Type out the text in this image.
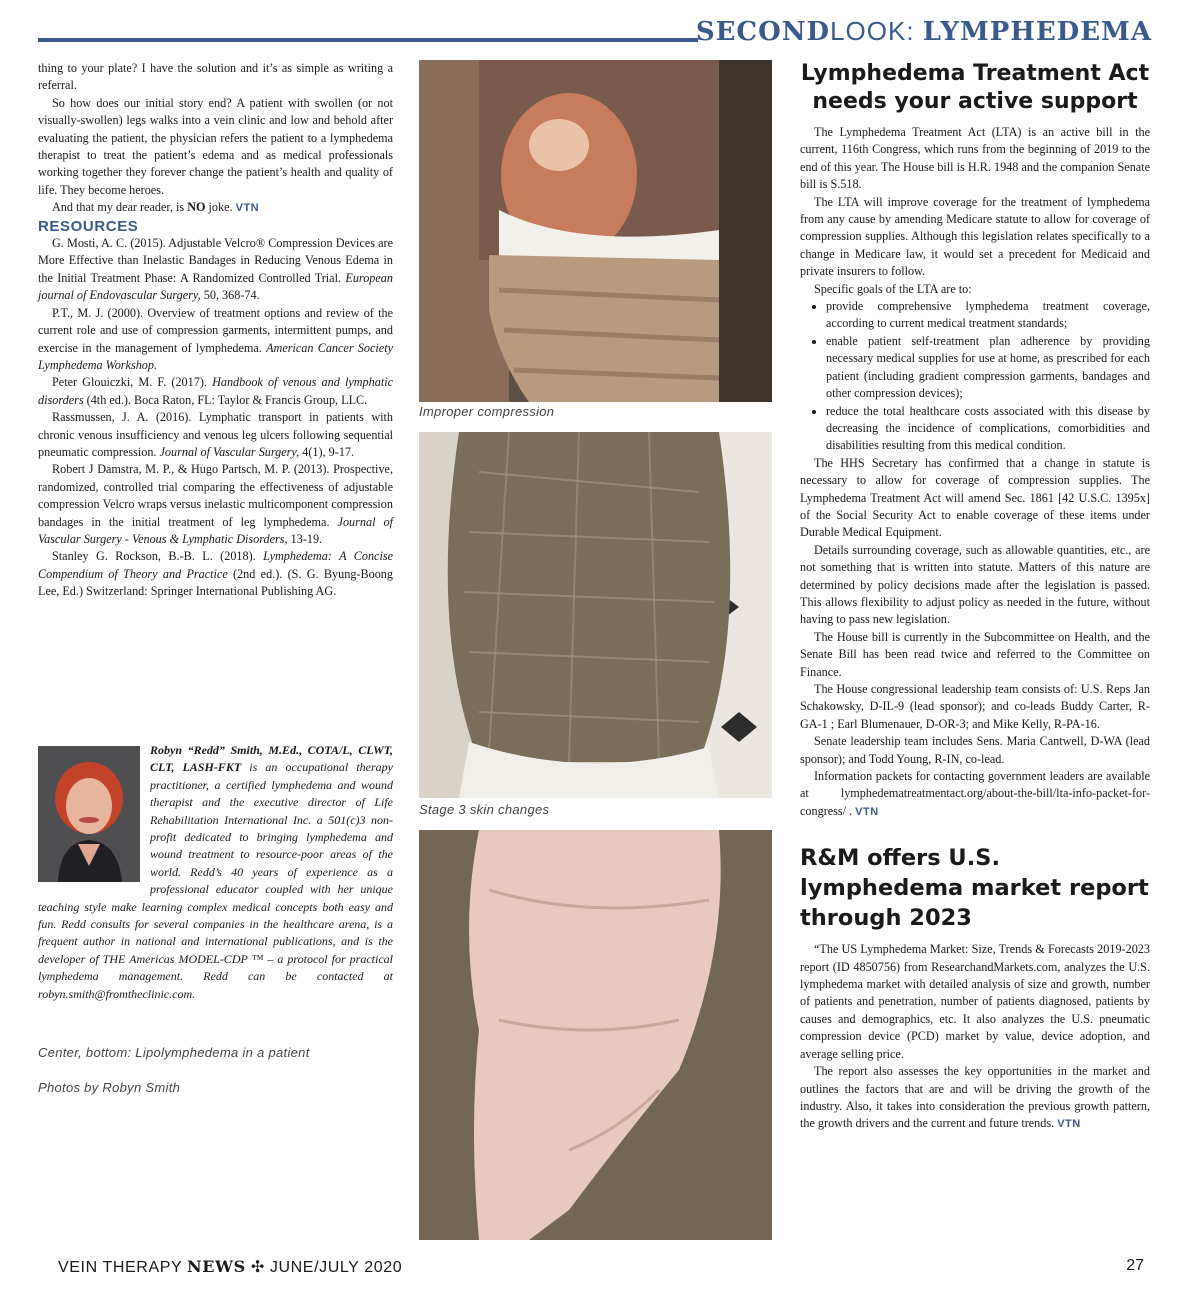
SECONDLOOK: LYMPHEDEMA

thing to your plate? I have the solution and it’s as simple as writing a referral.

So how does our initial story end? A patient with swollen (or not visually-swollen) legs walks into a vein clinic and low and behold after evaluating the patient, the physician refers the patient to a lymphedema therapist to treat the patient’s edema and as medical professionals working together they forever change the patient’s health and quality of life. They become heroes.

And that my dear reader, is NO joke. VTN

RESOURCES

G. Mosti, A. C. (2015). Adjustable Velcro® Compression Devices are More Effective than Inelastic Bandages in Reducing Venous Edema in the Initial Treatment Phase: A Randomized Controlled Trial. European journal of Endovascular Surgery, 50, 368-74.

P.T., M. J. (2000). Overview of treatment options and review of the current role and use of compression garments, intermittent pumps, and exercise in the management of lymphedema. American Cancer Society Lymphedema Workshop.

Peter Glouiczki, M. F. (2017). Handbook of venous and lymphatic disorders (4th ed.). Boca Raton, FL: Taylor & Francis Group, LLC.

Rassmussen, J. A. (2016). Lymphatic transport in patients with chronic venous insufficiency and venous leg ulcers following sequential pneumatic compression. Journal of Vascular Surgery, 4(1), 9-17.

Robert J Damstra, M. P., & Hugo Partsch, M. P. (2013). Prospective, randomized, controlled trial comparing the effectiveness of adjustable compression Velcro wraps versus inelastic multicomponent compression bandages in the initial treatment of leg lymphedema. Journal of Vascular Surgery - Venous & Lymphatic Disorders, 13-19.

Stanley G. Rockson, B.-B. L. (2018). Lymphedema: A Concise Compendium of Theory and Practice (2nd ed.). (S. G. Byung-Boong Lee, Ed.) Switzerland: Springer International Publishing AG.

Robyn “Redd” Smith, M.Ed., COTA/L, CLWT, CLT, LASH-FKT is an occupational therapy practitioner, a certified lymphedema and wound therapist and the executive director of Life Rehabilitation International Inc. a 501(c)3 non-profit dedicated to bringing lymphedema and wound treatment to resource-poor areas of the world. Redd’s 40 years of experience as a professional educator coupled with her unique teaching style make learning complex medical concepts both easy and fun. Redd consults for several companies in the healthcare arena, is a frequent author in national and international publications, and is the developer of THE Americas MODEL-CDP ™ – a protocol for practical lymphedema management. Redd can be contacted at robyn.smith@fromtheclinic.com.
Center, bottom: Lipolymphedema in a patient
Photos by Robyn Smith
Improper compression
Stage 3 skin changes
Lymphedema Treatment Act needs your active support

The Lymphedema Treatment Act (LTA) is an active bill in the current, 116th Congress, which runs from the beginning of 2019 to the end of this year. The House bill is H.R. 1948 and the companion Senate bill is S.518.

The LTA will improve coverage for the treatment of lymphedema from any cause by amending Medicare statute to allow for coverage of compression supplies. Although this legislation relates specifically to a change in Medicare law, it would set a precedent for Medicaid and private insurers to follow.

Specific goals of the LTA are to:

• provide comprehensive lymphedema treatment coverage, according to current medical treatment standards;
• enable patient self-treatment plan adherence by providing necessary medical supplies for use at home, as prescribed for each patient (including gradient compression garments, bandages and other compression devices);
• reduce the total healthcare costs associated with this disease by decreasing the incidence of complications, comorbidities and disabilities resulting from this medical condition.

The HHS Secretary has confirmed that a change in statute is necessary to allow for coverage of compression supplies. The Lymphedema Treatment Act will amend Sec. 1861 [42 U.S.C. 1395x] of the Social Security Act to enable coverage of these items under Durable Medical Equipment.

Details surrounding coverage, such as allowable quantities, etc., are not something that is written into statute. Matters of this nature are determined by policy decisions made after the legislation is passed. This allows flexibility to adjust policy as needed in the future, without having to pass new legislation.

The House bill is currently in the Subcommittee on Health, and the Senate Bill has been read twice and referred to the Committee on Finance.

The House congressional leadership team consists of: U.S. Reps Jan Schakowsky, D-IL-9 (lead sponsor); and co-leads Buddy Carter, R-GA-1 ; Earl Blumenauer, D-OR-3; and Mike Kelly, R-PA-16.

Senate leadership team includes Sens. Maria Cantwell, D-WA (lead sponsor); and Todd Young, R-IN, co-lead.

Information packets for contacting government leaders are available at lymphedematreatmentact.org/about-the-bill/lta-info-packet-for-congress/ . VTN

R&M offers U.S. lymphedema market report through 2023

“The US Lymphedema Market: Size, Trends & Forecasts 2019-2023 report (ID 4850756) from ResearchandMarkets.com, analyzes the U.S. lymphedema market with detailed analysis of size and growth, number of patients and penetration, number of patients diagnosed, patients by causes and demographics, etc. It also analyzes the U.S. pneumatic compression device (PCD) market by value, device adoption, and average selling price.

The report also assesses the key opportunities in the market and outlines the factors that are and will be driving the growth of the industry. Also, it takes into consideration the previous growth pattern, the growth drivers and the current and future trends. VTN

VEIN THERAPY NEWS ✣ JUNE/JULY 2020	27
